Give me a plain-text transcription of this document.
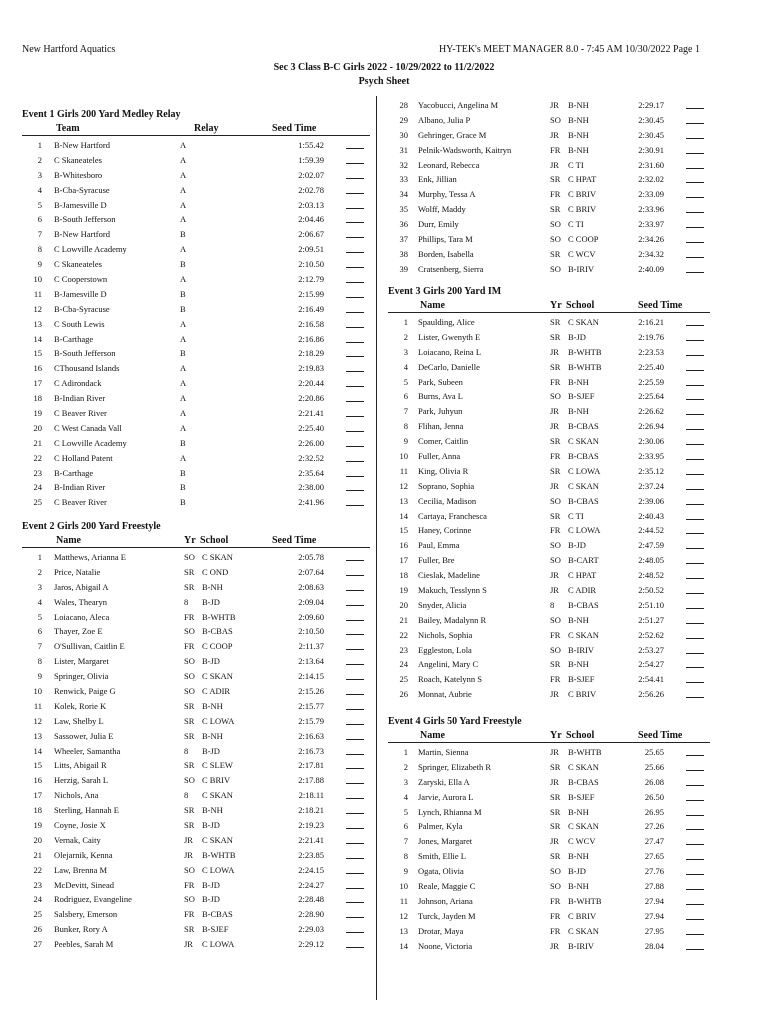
New Hartford Aquatics	HY-TEK's MEET MANAGER 8.0 - 7:45 AM 10/30/2022 Page 1
Sec 3 Class B-C Girls 2022 - 10/29/2022 to 11/2/2022
Psych Sheet
Event 1 Girls 200 Yard Medley Relay
Team	Relay	Seed Time
1 B-New Hartford	A	1:55.42
2 C Skaneateles	A	1:59.39
3 B-Whitesboro	A	2:02.07
4 B-Cba-Syracuse	A	2:02.78
5 B-Jamesville D	A	2:03.13
6 B-South Jefferson	A	2:04.46
7 B-New Hartford	B	2:06.67
8 C Lowville Academy	A	2:09.51
9 C Skaneateles	B	2:10.50
10 C Cooperstown	A	2:12.79
11 B-Jamesville D	B	2:15.99
12 B-Cba-Syracuse	B	2:16.49
13 C South Lewis	A	2:16.58
14 B-Carthage	A	2:16.86
15 B-South Jefferson	B	2:18.29
16 CThousand Islands	A	2:19.83
17 C Adirondack	A	2:20.44
18 B-Indian River	A	2:20.86
19 C Beaver River	A	2:21.41
20 C West Canada Vall	A	2:25.40
21 C Lowville Academy	B	2:26.00
22 C Holland Patent	A	2:32.52
23 B-Carthage	B	2:35.64
24 B-Indian River	B	2:38.00
25 C Beaver River	B	2:41.96
Event 2 Girls 200 Yard Freestyle
Name	Yr School	Seed Time
1 Matthews, Arianna E	SO C SKAN	2:05.78
2 Price, Natalie	SR C OND	2:07.64
3 Jaros, Abigail A	SR B-NH	2:08.63
4 Wales, Thearyn	8 B-JD	2:09.04
5 Loiacano, Aleca	FR B-WHTB	2:09.60
6 Thayer, Zoe E	SO B-CBAS	2:10.50
7 O'Sullivan, Caitlin E	FR C COOP	2:11.37
8 Lister, Margaret	SO B-JD	2:13.64
9 Springer, Olivia	SO C SKAN	2:14.15
10 Renwick, Paige G	SO C ADIR	2:15.26
11 Kolek, Rorie K	SR B-NH	2:15.77
12 Law, Shelby L	SR C LOWA	2:15.79
13 Sassower, Julia E	SR B-NH	2:16.63
14 Wheeler, Samantha	8 B-JD	2:16.73
15 Litts, Abigail R	SR C SLEW	2:17.81
16 Herzig, Sarah L	SO C BRIV	2:17.88
17 Nichols, Ana	8 C SKAN	2:18.11
18 Sterling, Hannah E	SR B-NH	2:18.21
19 Coyne, Josie X	SR B-JD	2:19.23
20 Vernak, Caity	JR C SKAN	2:21.41
21 Olejarnik, Kenna	JR B-WHTB	2:23.85
22 Law, Brenna M	SO C LOWA	2:24.15
23 McDevitt, Sinead	FR B-JD	2:24.27
24 Rodriguez, Evangeline	SO B-JD	2:28.48
25 Salsbery, Emerson	FR B-CBAS	2:28.90
26 Bunker, Rory A	SR B-SJEF	2:29.03
27 Peebles, Sarah M	JR C LOWA	2:29.12
28 Yacobucci, Angelina M	JR B-NH	2:29.17
29 Albano, Julia P	SO B-NH	2:30.45
30 Gehringer, Grace M	JR B-NH	2:30.45
31 Pelnik-Wadsworth, Kaitryn	FR B-NH	2:30.91
32 Leonard, Rebecca	JR C TI	2:31.60
33 Enk, Jillian	SR C HPAT	2:32.02
34 Murphy, Tessa A	FR C BRIV	2:33.09
35 Wolff, Maddy	SR C BRIV	2:33.96
36 Durr, Emily	SO C TI	2:33.97
37 Phillips, Tara M	SO C COOP	2:34.26
38 Borden, Isabella	SR C WCV	2:34.32
39 Cratsenberg, Sierra	SO B-IRIV	2:40.09
Event 3 Girls 200 Yard IM
Name	Yr School	Seed Time
1 Spaulding, Alice	SR C SKAN	2:16.21
2 Lister, Gwenyth E	SR B-JD	2:19.76
3 Loiacano, Reina L	JR B-WHTB	2:23.53
4 DeCarlo, Danielle	SR B-WHTB	2:25.40
5 Park, Subeen	FR B-NH	2:25.59
6 Burns, Ava L	SO B-SJEF	2:25.64
7 Park, Juhyun	JR B-NH	2:26.62
8 Flihan, Jenna	JR B-CBAS	2:26.94
9 Comer, Caitlin	SR C SKAN	2:30.06
10 Fuller, Anna	FR B-CBAS	2:33.95
11 King, Olivia R	SR C LOWA	2:35.12
12 Soprano, Sophia	JR C SKAN	2:37.24
13 Cecilia, Madison	SO B-CBAS	2:39.06
14 Cartaya, Franchesca	SR C TI	2:40.43
15 Haney, Corinne	FR C LOWA	2:44.52
16 Paul, Emma	SO B-JD	2:47.59
17 Fuller, Bre	SO B-CART	2:48.05
18 Cieslak, Madeline	JR C HPAT	2:48.52
19 Makuch, Tesslynn S	JR C ADIR	2:50.52
20 Snyder, Alicia	8 B-CBAS	2:51.10
21 Bailey, Madalynn R	SO B-NH	2:51.27
22 Nichols, Sophia	FR C SKAN	2:52.62
23 Eggleston, Lola	SO B-IRIV	2:53.27
24 Angelini, Mary C	SR B-NH	2:54.27
25 Roach, Katelynn S	FR B-SJEF	2:54.41
26 Monnat, Aubrie	JR C BRIV	2:56.26
Event 4 Girls 50 Yard Freestyle
Name	Yr School	Seed Time
1 Martin, Sienna	JR B-WHTB	25.65
2 Springer, Elizabeth R	SR C SKAN	25.66
3 Zaryski, Ella A	JR B-CBAS	26.08
4 Jarvie, Aurora L	SR B-SJEF	26.50
5 Lynch, Rhianna M	SR B-NH	26.95
6 Palmer, Kyla	SR C SKAN	27.26
7 Jones, Margaret	JR C WCV	27.47
8 Smith, Ellie L	SR B-NH	27.65
9 Ogata, Olivia	SO B-JD	27.76
10 Reale, Maggie C	SO B-NH	27.88
11 Johnson, Ariana	FR B-WHTB	27.94
12 Turck, Jayden M	FR C BRIV	27.94
13 Drotar, Maya	FR C SKAN	27.95
14 Noone, Victoria	JR B-IRIV	28.04
